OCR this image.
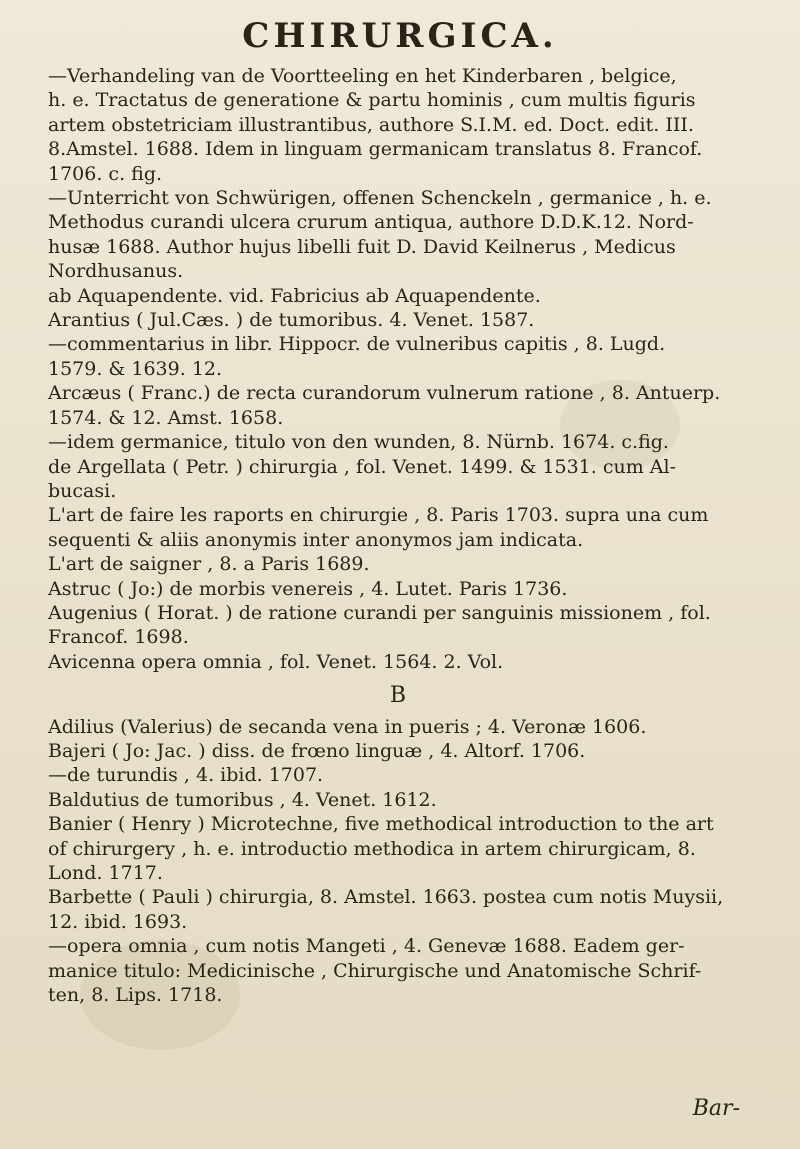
CHIRURGICA.

—Verhandeling van de Voortteeling en het Kinderbaren , belgice,

h. e. Tractatus de generatione & partu hominis , cum multis figuris

artem obstetriciam illustrantibus, authore S.I.M. ed. Doct. edit. III.

8.Amstel. 1688. Idem in linguam germanicam translatus 8. Francof.

1706. c. fig.

—Unterricht von Schwürigen, offenen Schenckeln , germanice , h. e.

Methodus curandi ulcera crurum antiqua, authore D.D.K.12. Nord-

husæ 1688. Author hujus libelli fuit D. David Keilnerus , Medicus

Nordhusanus.

ab Aquapendente. vid. Fabricius ab Aquapendente.

Arantius ( Jul.Cæs. ) de tumoribus. 4. Venet. 1587.

—commentarius in libr. Hippocr. de vulneribus capitis , 8. Lugd.

1579. & 1639. 12.

Arcæus ( Franc.) de recta curandorum vulnerum ratione , 8. Antuerp.

1574. & 12. Amst. 1658.

—idem germanice, titulo von den wunden, 8. Nürnb. 1674. c.fig.

de Argellata ( Petr. ) chirurgia , fol. Venet. 1499. & 1531. cum Al-

bucasi.

L'art de faire les raports en chirurgie , 8. Paris 1703. supra una cum

sequenti & aliis anonymis inter anonymos jam indicata.

L'art de saigner , 8. a Paris 1689.

Astruc ( Jo:) de morbis venereis , 4. Lutet. Paris 1736.

Augenius ( Horat. ) de ratione curandi per sanguinis missionem , fol.

Francof. 1698.

Avicenna opera omnia , fol. Venet. 1564. 2. Vol.

B

Adilius (Valerius) de secanda vena in pueris ; 4. Veronæ 1606.

Bajeri ( Jo: Jac. ) diss. de frœno linguæ , 4. Altorf. 1706.

—de turundis , 4. ibid. 1707.

Baldutius de tumoribus , 4. Venet. 1612.

Banier ( Henry ) Microtechne, five methodical introduction to the art

of chirurgery , h. e. introductio methodica in artem chirurgicam, 8.

Lond. 1717.

Barbette ( Pauli ) chirurgia, 8. Amstel. 1663. postea cum notis Muysii,

12. ibid. 1693.

—opera omnia , cum notis Mangeti , 4. Genevæ 1688. Eadem ger-

manice titulo: Medicinische , Chirurgische und Anatomische Schrif-

ten, 8. Lips. 1718.

Bar-
